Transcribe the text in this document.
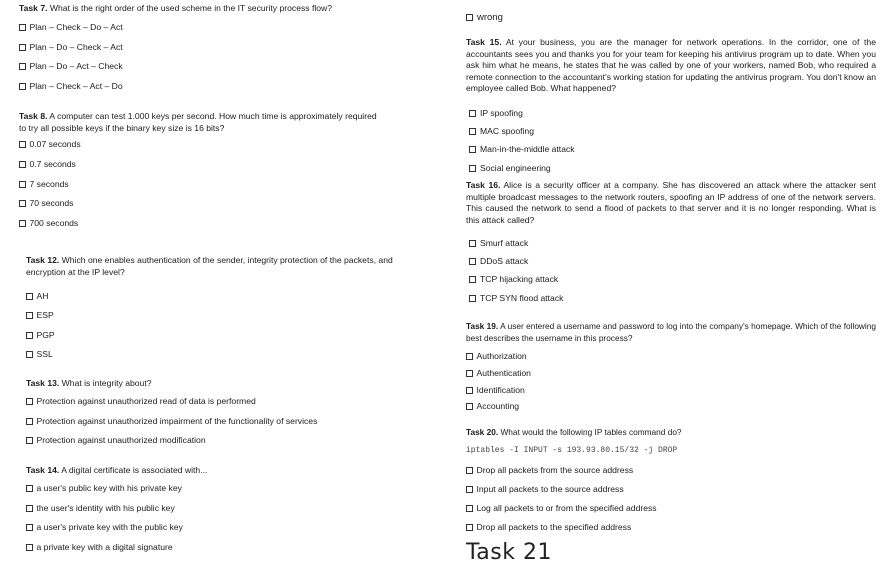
Task 7. What is the right order of the used scheme in the IT security process flow?

Plan – Check – Do – Act
Plan – Do – Check – Act
Plan – Do – Act – Check
Plan – Check – Act – Do

Task 8. A computer can test 1.000 keys per second. How much time is approximately required
to try all possible keys if the binary key size is 16 bits?

0.07 seconds
0.7 seconds
7 seconds
70 seconds
700 seconds

Task 12. Which one enables authentication of the sender, integrity protection of the packets, and encryption at the IP level?

AH
ESP
PGP
SSL

Task 13. What is integrity about?

Protection against unauthorized read of data is performed
Protection against unauthorized impairment of the functionality of services
Protection against unauthorized modification

Task 14. A digital certificate is associated with...

a user's public key with his private key
the user's identity with his public key
a user's private key with the public key
a private key with a digital signature
wrong

Task 15. At your business, you are the manager for network operations. In the corridor, one of the accountants sees you and thanks you for your team for keeping his antivirus program up to date. When you ask him what he means, he states that he was called by one of your workers, named Bob, who required a remote connection to the accountant's working station for updating the antivirus program. You don't know an employee called Bob. What happened?

IP spoofing
MAC spoofing
Man-in-the-middle attack
Social engineering

Task 16. Alice is a security officer at a company. She has discovered an attack where the attacker sent multiple broadcast messages to the network routers, spoofing an IP address of one of the network servers. This caused the network to send a flood of packets to that server and it is no longer responding. What is this attack called?

Smurf attack
DDoS attack
TCP hijacking attack
TCP SYN flood attack

Task 19. A user entered a username and password to log into the company's homepage. Which of the following best describes the username in this process?

Authorization
Authentication
Identification
Accounting

Task 20. What would the following IP tables command do?

iptables -I INPUT -s 193.93.80.15/32 -j DROP
Drop all packets from the source address
Input all packets to the source address
Log all packets to or from the specified address
Drop all packets to the specified address
Task 21
